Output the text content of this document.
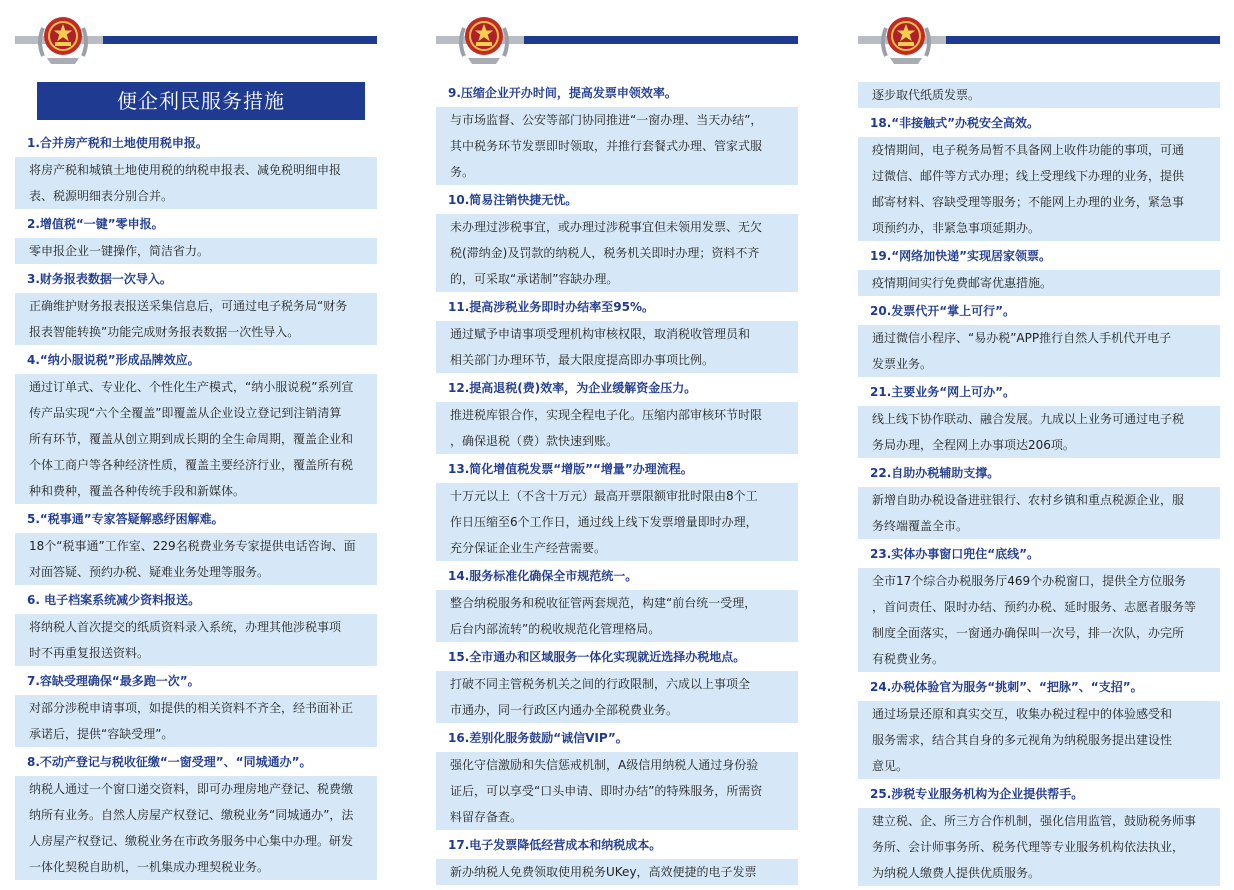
便企利民服务措施
1.合并房产税和土地使用税申报。
将房产税和城镇土地使用税的纳税申报表、减免税明细申报
表、税源明细表分别合并。
2.增值税“一键”零申报。
零申报企业一键操作，简洁省力。
3.财务报表数据一次导入。
正确维护财务报表报送采集信息后，可通过电子税务局“财务
报表智能转换”功能完成财务报表数据一次性导入。
4.“纳小服说税”形成品牌效应。
通过订单式、专业化、个性化生产模式，“纳小服说税”系列宣
传产品实现“六个全覆盖”即覆盖从企业设立登记到注销清算
所有环节，覆盖从创立期到成长期的全生命周期，覆盖企业和
个体工商户等各种经济性质，覆盖主要经济行业，覆盖所有税
种和费种，覆盖各种传统手段和新媒体。
5.“税事通”专家答疑解惑纾困解难。
18个“税事通”工作室、229名税费业务专家提供电话咨询、面
对面答疑、预约办税、疑难业务处理等服务。
6. 电子档案系统减少资料报送。
将纳税人首次提交的纸质资料录入系统，办理其他涉税事项
时不再重复报送资料。
7.容缺受理确保“最多跑一次”。
对部分涉税申请事项，如提供的相关资料不齐全，经书面补正
承诺后，提供“容缺受理”。
8.不动产登记与税收征缴“一窗受理”、“同城通办”。
纳税人通过一个窗口递交资料，即可办理房地产登记、税费缴
纳所有业务。自然人房屋产权登记、缴税业务“同城通办”，法
人房屋产权登记、缴税业务在市政务服务中心集中办理。研发
一体化契税自助机，一机集成办理契税业务。
9.压缩企业开办时间，提高发票申领效率。
与市场监督、公安等部门协同推进“一窗办理、当天办结”，
其中税务环节发票即时领取，并推行套餐式办理、管家式服
务。
10.简易注销快捷无忧。
未办理过涉税事宜，或办理过涉税事宜但未领用发票、无欠
税(滞纳金)及罚款的纳税人，税务机关即时办理；资料不齐
的，可采取“承诺制”容缺办理。
11.提高涉税业务即时办结率至95%。
通过赋予申请事项受理机构审核权限，取消税收管理员和
相关部门办理环节，最大限度提高即办事项比例。
12.提高退税(费)效率，为企业缓解资金压力。
推进税库银合作，实现全程电子化。压缩内部审核环节时限
，确保退税（费）款快速到账。
13.简化增值税发票“增版”“增量”办理流程。
十万元以上（不含十万元）最高开票限额审批时限由8个工
作日压缩至6个工作日，通过线上线下发票增量即时办理，
充分保证企业生产经营需要。
14.服务标准化确保全市规范统一。
整合纳税服务和税收征管两套规范，构建“前台统一受理，
后台内部流转”的税收规范化管理格局。
15.全市通办和区域服务一体化实现就近选择办税地点。
打破不同主管税务机关之间的行政限制，六成以上事项全
市通办，同一行政区内通办全部税费业务。
16.差别化服务鼓励“诚信VIP”。
强化守信激励和失信惩戒机制，A级信用纳税人通过身份验
证后，可以享受“口头申请、即时办结”的特殊服务，所需资
料留存备查。
17.电子发票降低经营成本和纳税成本。
新办纳税人免费领取使用税务UKey，高效便捷的电子发票
逐步取代纸质发票。
18.“非接触式”办税安全高效。
疫情期间，电子税务局暂不具备网上收件功能的事项，可通
过微信、邮件等方式办理；线上受理线下办理的业务，提供
邮寄材料、容缺受理等服务；不能网上办理的业务，紧急事
项预约办，非紧急事项延期办。
19.“网络加快递”实现居家领票。
疫情期间实行免费邮寄优惠措施。
20.发票代开“掌上可行”。
通过微信小程序、“易办税”APP推行自然人手机代开电子
发票业务。
21.主要业务“网上可办”。
线上线下协作联动、融合发展。九成以上业务可通过电子税
务局办理，全程网上办事项达206项。
22.自助办税辅助支撑。
新增自助办税设备进驻银行、农村乡镇和重点税源企业，服
务终端覆盖全市。
23.实体办事窗口兜住“底线”。
全市17个综合办税服务厅469个办税窗口，提供全方位服务
，首问责任、限时办结、预约办税、延时服务、志愿者服务等
制度全面落实，一窗通办确保叫一次号，排一次队，办完所
有税费业务。
24.办税体验官为服务“挑刺”、“把脉”、“支招”。
通过场景还原和真实交互，收集办税过程中的体验感受和
服务需求，结合其自身的多元视角为纳税服务提出建设性
意见。
25.涉税专业服务机构为企业提供帮手。
建立税、企、所三方合作机制，强化信用监管，鼓励税务师事
务所、会计师事务所、税务代理等专业服务机构依法执业，
为纳税人缴费人提供优质服务。
